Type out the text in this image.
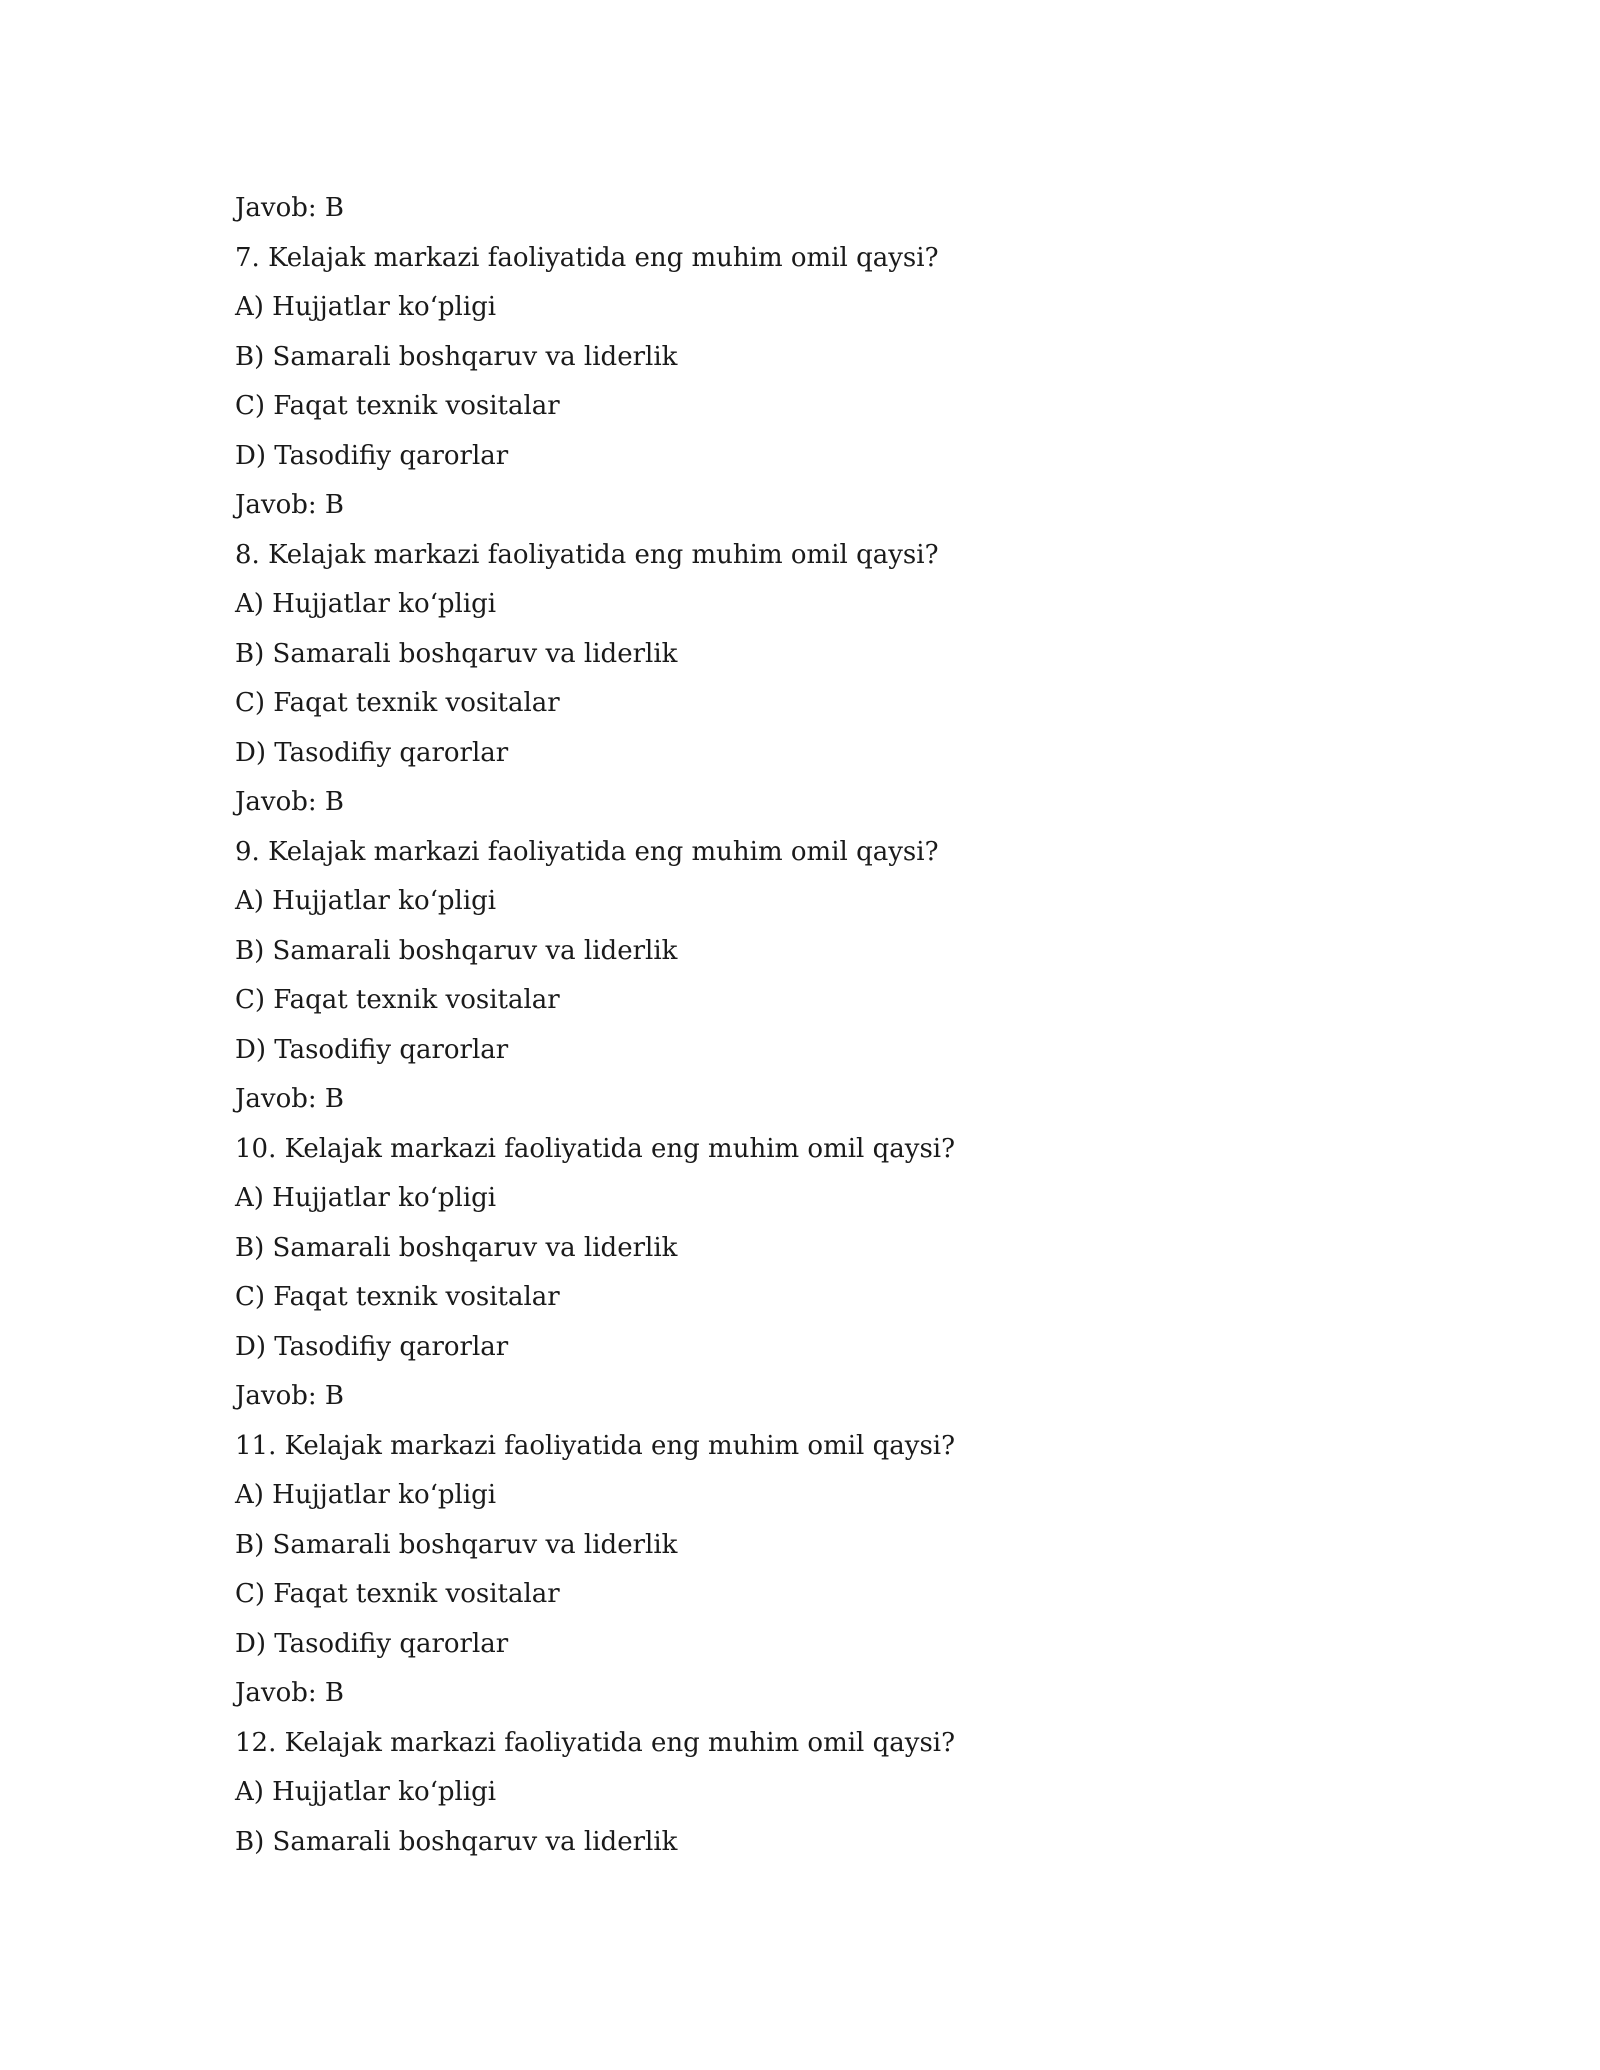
Javob: B
7. Kelajak markazi faoliyatida eng muhim omil qaysi?
A) Hujjatlar ko‘pligi
B) Samarali boshqaruv va liderlik
C) Faqat texnik vositalar
D) Tasodifiy qarorlar
Javob: B
8. Kelajak markazi faoliyatida eng muhim omil qaysi?
A) Hujjatlar ko‘pligi
B) Samarali boshqaruv va liderlik
C) Faqat texnik vositalar
D) Tasodifiy qarorlar
Javob: B
9. Kelajak markazi faoliyatida eng muhim omil qaysi?
A) Hujjatlar ko‘pligi
B) Samarali boshqaruv va liderlik
C) Faqat texnik vositalar
D) Tasodifiy qarorlar
Javob: B
10. Kelajak markazi faoliyatida eng muhim omil qaysi?
A) Hujjatlar ko‘pligi
B) Samarali boshqaruv va liderlik
C) Faqat texnik vositalar
D) Tasodifiy qarorlar
Javob: B
11. Kelajak markazi faoliyatida eng muhim omil qaysi?
A) Hujjatlar ko‘pligi
B) Samarali boshqaruv va liderlik
C) Faqat texnik vositalar
D) Tasodifiy qarorlar
Javob: B
12. Kelajak markazi faoliyatida eng muhim omil qaysi?
A) Hujjatlar ko‘pligi
B) Samarali boshqaruv va liderlik
